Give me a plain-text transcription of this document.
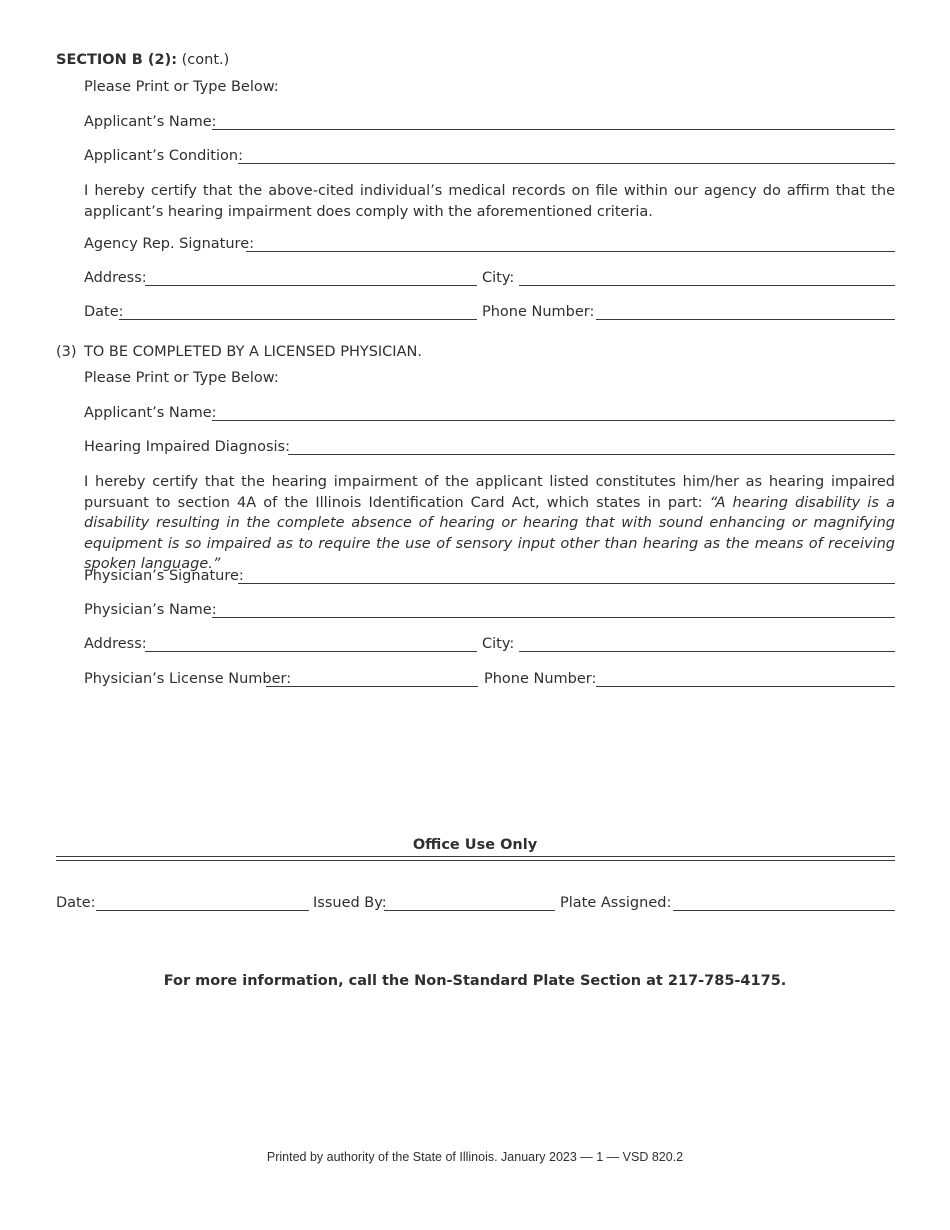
SECTION B (2): (cont.)
Please Print or Type Below:
Applicant’s Name:
Applicant’s Condition:
I hereby certify that the above-cited individual’s medical records on file within our agency do affirm that the applicant’s hearing impairment does comply with the aforementioned criteria.
Agency Rep. Signature:
Address:	City:
Date:	Phone Number:
(3) TO BE COMPLETED BY A LICENSED PHYSICIAN.
Please Print or Type Below:
Applicant’s Name:
Hearing Impaired Diagnosis:
I hereby certify that the hearing impairment of the applicant listed constitutes him/her as hearing impaired pursuant to section 4A of the Illinois Identification Card Act, which states in part: “A hearing disability is a disability resulting in the complete absence of hearing or hearing that with sound enhancing or magnifying equipment is so impaired as to require the use of sensory input other than hearing as the means of receiving spoken language.”
Physician’s Signature:
Physician’s Name:
Address:	City:
Physician’s License Number:	Phone Number:
Office Use Only
Date:	Issued By:	Plate Assigned:
For more information, call the Non-Standard Plate Section at 217-785-4175.
Printed by authority of the State of Illinois. January 2023 — 1 — VSD 820.2
